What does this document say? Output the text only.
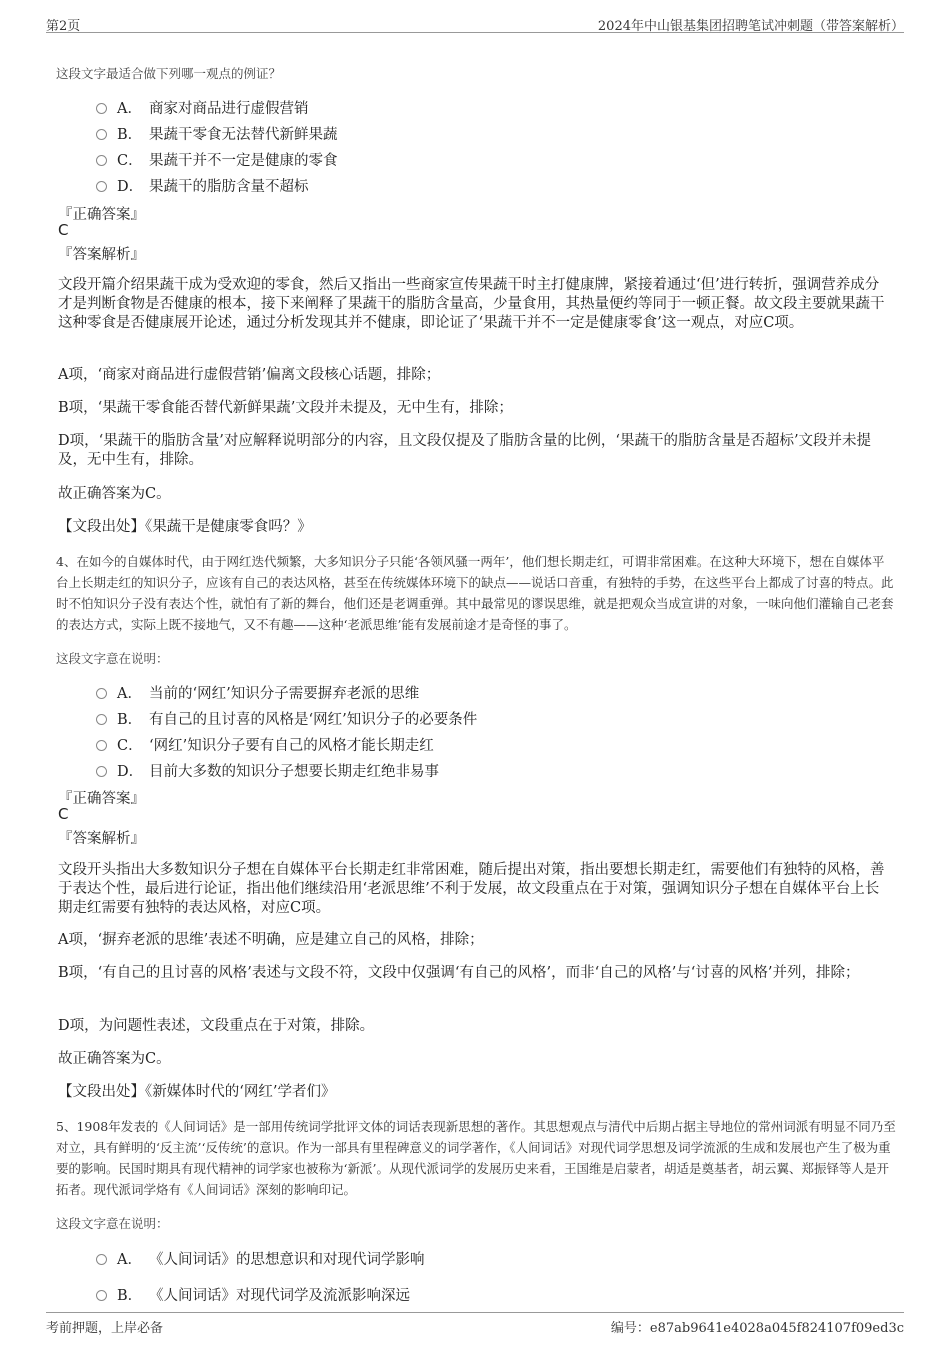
第2页	2024年中山银基集团招聘笔试冲刺题（带答案解析）
这段文字最适合做下列哪一观点的例证？
A． 商家对商品进行虚假营销
B． 果蔬干零食无法替代新鲜果蔬
C． 果蔬干并不一定是健康的零食
D． 果蔬干的脂肪含量不超标
『正确答案』
C
『答案解析』
文段开篇介绍果蔬干成为受欢迎的零食，然后又指出一些商家宣传果蔬干时主打健康牌，紧接着通过‘但’进行转折，强调营养成分才是判断食物是否健康的根本，接下来阐释了果蔬干的脂肪含量高，少量食用，其热量便约等同于一顿正餐。故文段主要就果蔬干这种零食是否健康展开论述，通过分析发现其并不健康，即论证了‘果蔬干并不一定是健康零食’这一观点，对应C项。
A项，‘商家对商品进行虚假营销’偏离文段核心话题，排除；
B项，‘果蔬干零食能否替代新鲜果蔬’文段并未提及，无中生有，排除；
D项，‘果蔬干的脂肪含量’对应解释说明部分的内容，且文段仅提及了脂肪含量的比例，‘果蔬干的脂肪含量是否超标’文段并未提及，无中生有，排除。
故正确答案为C。
【文段出处】《果蔬干是健康零食吗？》
4、在如今的自媒体时代，由于网红迭代频繁，大多知识分子只能‘各领风骚一两年’，他们想长期走红，可谓非常困难。在这种大环境下，想在自媒体平台上长期走红的知识分子，应该有自己的表达风格，甚至在传统媒体环境下的缺点——说话口音重，有独特的手势，在这些平台上都成了讨喜的特点。此时不怕知识分子没有表达个性，就怕有了新的舞台，他们还是老调重弹。其中最常见的谬误思维，就是把观众当成宣讲的对象，一味向他们灌输自己老套的表达方式，实际上既不接地气，又不有趣——这种‘老派思维’能有发展前途才是奇怪的事了。
这段文字意在说明：
A． 当前的‘网红’知识分子需要摒弃老派的思维
B． 有自己的且讨喜的风格是‘网红’知识分子的必要条件
C． ‘网红’知识分子要有自己的风格才能长期走红
D． 目前大多数的知识分子想要长期走红绝非易事
『正确答案』
C
『答案解析』
文段开头指出大多数知识分子想在自媒体平台长期走红非常困难，随后提出对策，指出要想长期走红，需要他们有独特的风格，善于表达个性，最后进行论证，指出他们继续沿用‘老派思维’不利于发展，故文段重点在于对策，强调知识分子想在自媒体平台上长期走红需要有独特的表达风格，对应C项。
A项，‘摒弃老派的思维’表述不明确，应是建立自己的风格，排除；
B项，‘有自己的且讨喜的风格’表述与文段不符，文段中仅强调‘有自己的风格’，而非‘自己的风格’与‘讨喜的风格’并列，排除；
D项，为问题性表述，文段重点在于对策，排除。
故正确答案为C。
【文段出处】《新媒体时代的‘网红’学者们》
5、1908年发表的《人间词话》是一部用传统词学批评文体的词话表现新思想的著作。其思想观点与清代中后期占据主导地位的常州词派有明显不同乃至对立，具有鲜明的‘反主流’‘反传统’的意识。作为一部具有里程碑意义的词学著作，《人间词话》对现代词学思想及词学流派的生成和发展也产生了极为重要的影响。民国时期具有现代精神的词学家也被称为‘新派’。从现代派词学的发展历史来看，王国维是启蒙者，胡适是奠基者，胡云翼、郑振铎等人是开拓者。现代派词学烙有《人间词话》深刻的影响印记。
这段文字意在说明：
A． 《人间词话》的思想意识和对现代词学影响
B． 《人间词话》对现代词学及流派影响深远
考前押题，上岸必备	编号：e87ab9641e4028a045f824107f09ed3c
